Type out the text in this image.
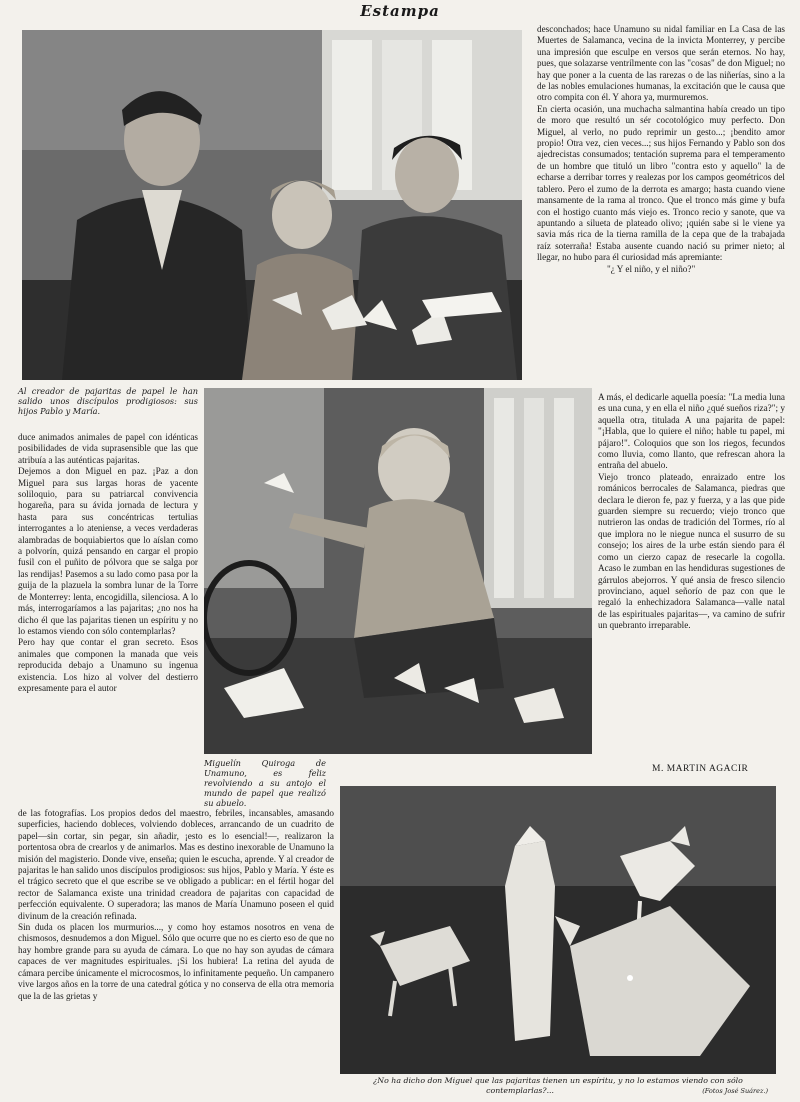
Estampa
Al creador de pajaritas de papel le han salido unos discípulos prodigiosos: sus hijos Pablo y María.
Miguelín Quiroga de Unamuno, es feliz revolviendo a su antojo el mundo de papel que realizó su abuelo.
¿No ha dicho don Miguel que las pajaritas tienen un espíritu, y no lo estamos viendo con sólo contemplarlas?...	(Fotos José Suárez.)

duce animados animales de papel con idénticas posibilidades de vida suprasensible que las que atribuía a las auténticas pajaritas.

Dejemos a don Miguel en paz. ¡Paz a don Miguel para sus largas horas de yacente soliloquio, para su patriarcal convivencia hogareña, para su ávida jornada de lectura y hasta para sus concéntricas tertulias interrogantes a lo ateniense, a veces verdaderas alambradas de boquiabiertos que lo aíslan como a polvorín, quizá pensando en cargar el propio fusil con el puñito de pólvora que se salga por las rendijas! Pasemos a su lado como pasa por la guija de la plazuela la sombra lunar de la Torre de Monterrey: lenta, encogidilla, silenciosa. A lo más, interrogaríamos a las pajaritas; ¿no nos ha dicho él que las pajaritas tienen un espíritu y no lo estamos viendo con sólo contemplarlas?

Pero hay que contar el gran secreto. Esos animales que componen la manada que veis reproducida debajo a Unamuno su ingenua existencia. Los hizo al volver del destierro expresamente para el autor

de las fotografías. Los propios dedos del maestro, febriles, incansables, amasando superficies, haciendo dobleces, volviendo dobleces, arrancando de un cuadrito de papel—sin cortar, sin pegar, sin añadir, ¡esto es lo esencial!—, realizaron la portentosa obra de crearlos y de animarlos. Mas es destino inexorable de Unamuno la misión del magisterio. Donde vive, enseña; quien le escucha, aprende. Y al creador de pajaritas le han salido unos discípulos prodigiosos: sus hijos, Pablo y María. Y éste es el trágico secreto que el que escribe se ve obligado a publicar: en el fértil hogar del rector de Salamanca existe una trinidad creadora de pajaritas con capacidad de perfección equivalente. O superadora; las manos de María Unamuno poseen el quid divinum de la creación refinada.

Sin duda os placen los murmurios..., y como hoy estamos nosotros en vena de chismosos, desnudemos a don Miguel. Sólo que ocurre que no es cierto eso de que no hay hombre grande para su ayuda de cámara. Lo que no hay son ayudas de cámara capaces de ver magnitudes espirituales. ¡Si los hubiera! La retina del ayuda de cámara percibe únicamente el microcosmos, lo infinitamente pequeño. Un campanero vive largos años en la torre de una catedral gótica y no conserva de ella otra memoria que la de las grietas y

desconchados; hace Unamuno su nidal familiar en La Casa de las Muertes de Salamanca, vecina de la invicta Monterrey, y percibe una impresión que esculpe en versos que serán eternos. No hay, pues, que solazarse ventrílmente con las "cosas" de don Miguel; no hay que poner a la cuenta de las rarezas o de las niñerías, sino a la de las nobles emulaciones humanas, la excitación que le causa que otro compita con él. Y ahora ya, murmuremos.

En cierta ocasión, una muchacha salmantina había creado un tipo de moro que resultó un sér cocotológico muy perfecto. Don Miguel, al verlo, no pudo reprimir un gesto...; ¡bendito amor propio! Otra vez, cien veces...; sus hijos Fernando y Pablo son dos ajedrecistas consumados; tentación suprema para el temperamento de un hombre que tituló un libro "contra esto y aquello" la de echarse a derribar torres y realezas por los campos geométricos del tablero. Pero el zumo de la derrota es amargo; hasta cuando viene mansamente de la rama al tronco. Que el tronco más gime y bufa con el hostigo cuanto más viejo es. Tronco recio y sanote, que va apuntando a silueta de plateado olivo; ¡quién sabe si le viene ya savia más rica de la tierna ramilla de la cepa que de la trabajada raíz soterraña! Estaba ausente cuando nació su primer nieto; al llegar, no hubo para él curiosidad más apremiante:

"¿ Y el niño, y el niño?"

A más, el dedicarle aquella poesía: "La media luna es una cuna, y en ella el niño ¿qué sueños riza?"; y aquella otra, titulada A una pajarita de papel: "¡Habla, que lo quiere el niño; hable tu papel, mi pájaro!". Coloquios que son los riegos, fecundos como lluvia, como llanto, que refrescan ahora la entraña del abuelo.

Viejo tronco plateado, enraizado entre los románicos berrocales de Salamanca, piedras que declara le dieron fe, paz y fuerza, y a las que pide guarden siempre su recuerdo; viejo tronco que nutrieron las ondas de tradición del Tormes, río al que implora no le niegue nunca el susurro de su consejo; los aires de la urbe están siendo para él como un cierzo capaz de resecarle la cogolla. Acaso le zumban en las hendiduras sugestiones de gárrulos abejorros. Y qué ansia de fresco silencio provinciano, aquel señorío de paz con que le regaló la enhechizadora Salamanca—valle natal de las espirituales pajaritas—, va camino de sufrir un quebranto irreparable.

M. MARTIN AGACIR
